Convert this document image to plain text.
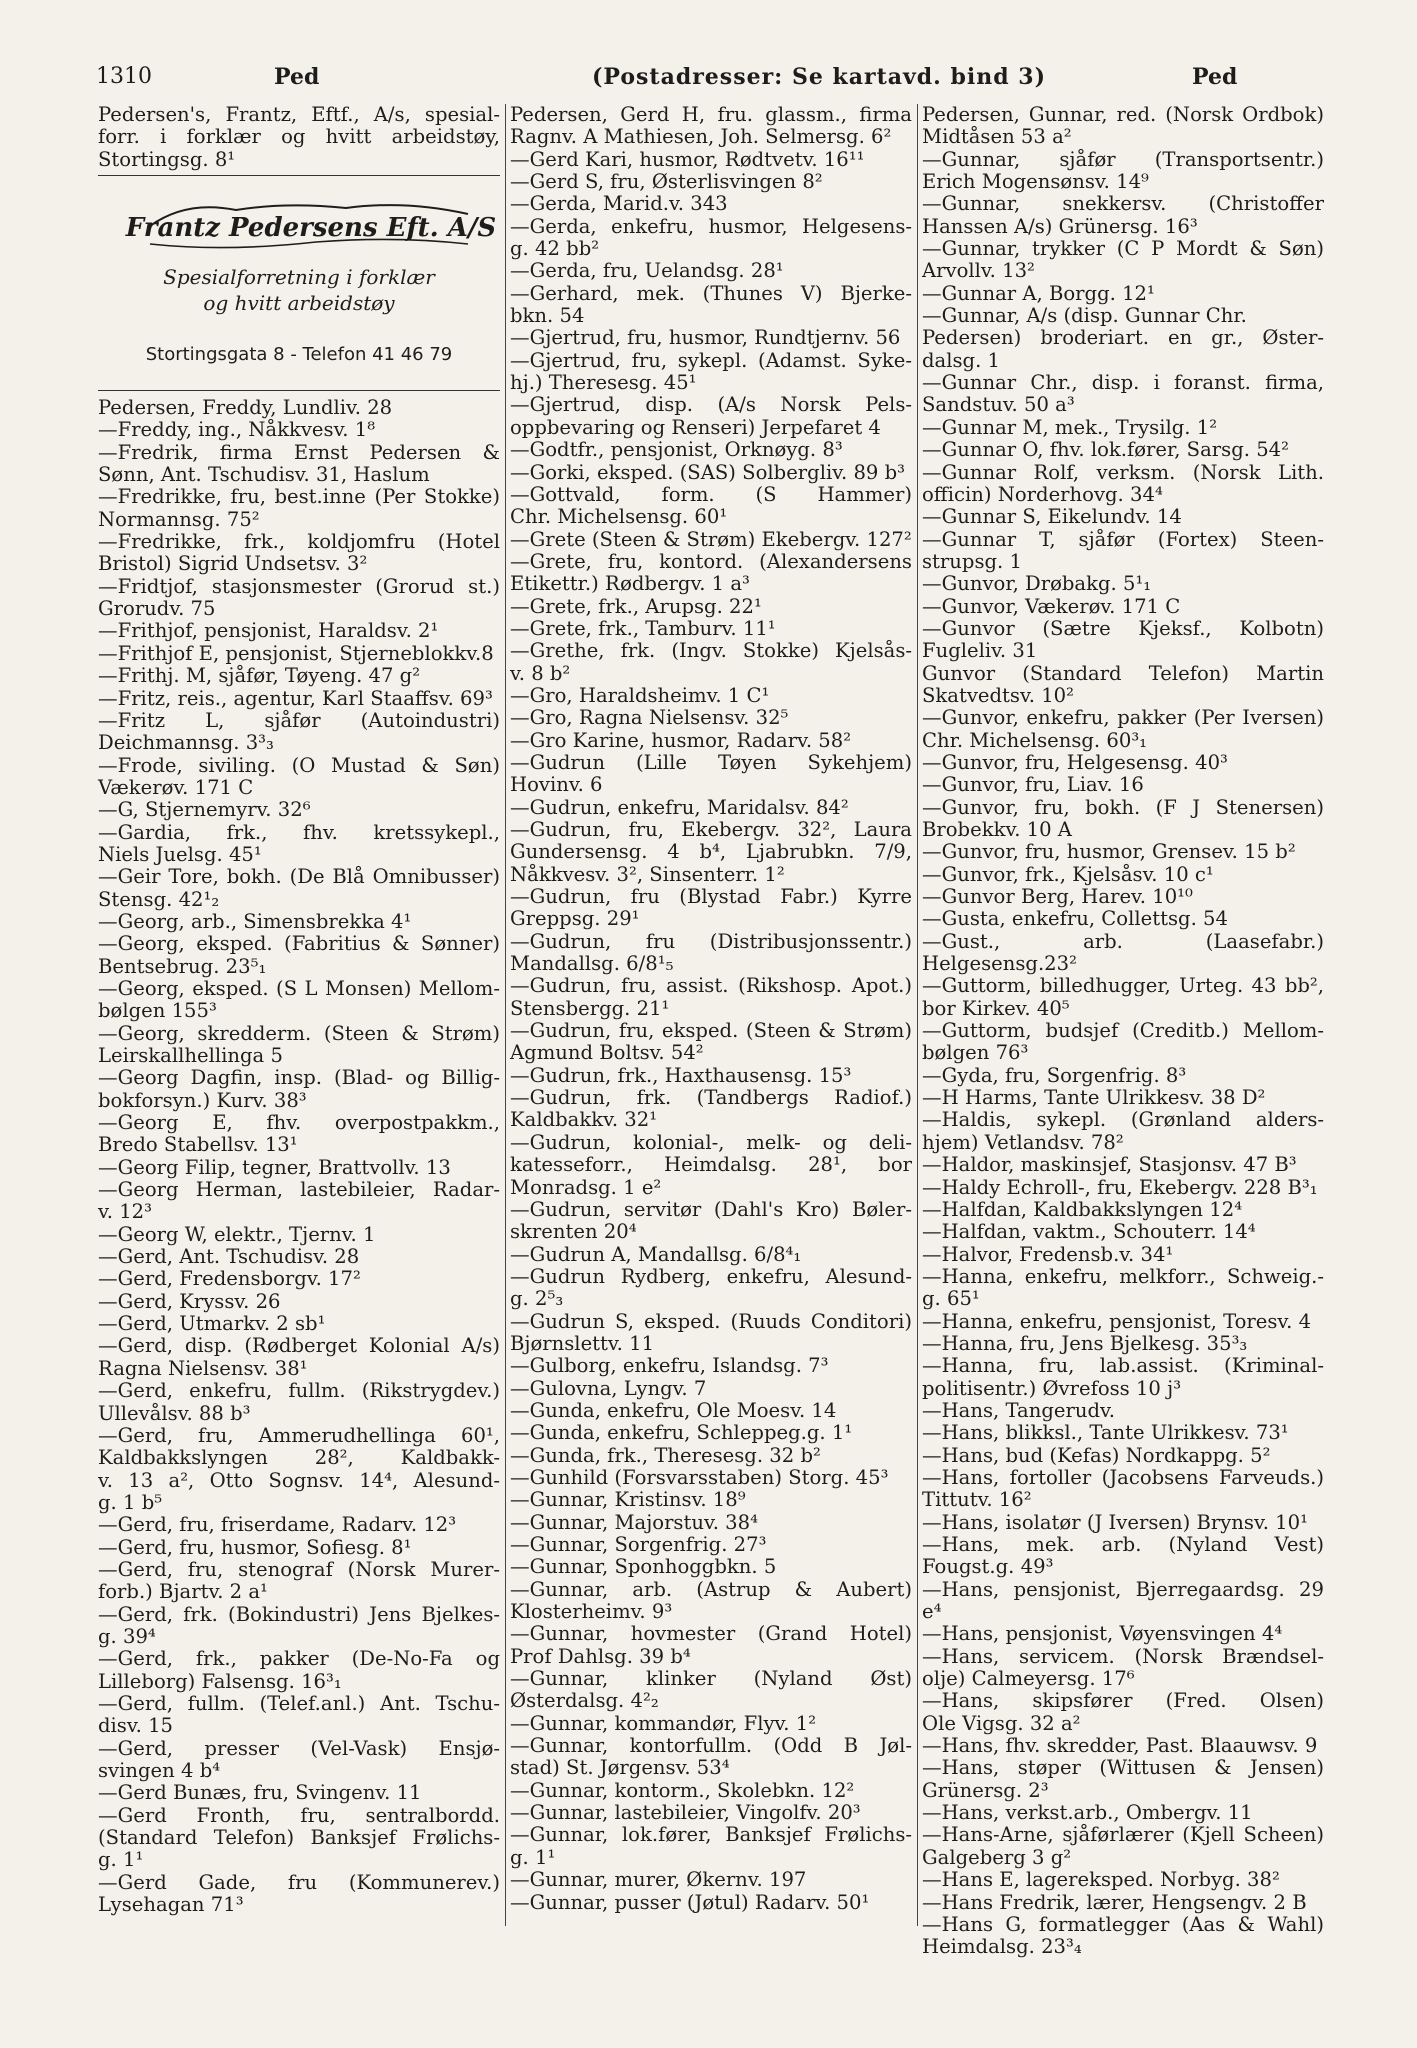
1310	Ped	(Postadresser: Se kartavd. bind 3)	Ped
Pedersen's, Frantz, Eftf., A/s, spesial-
forr. i forklær og hvitt arbeidstøy,
Stortingsg. 8¹
Frantz Pedersens Eft. A/S
Spesialforretning i forklær
og hvitt arbeidstøy
Stortingsgata 8 - Telefon 41 46 79
Pedersen, Freddy, Lundliv. 28
—Freddy, ing., Nåkkvesv. 1⁸
—Fredrik, firma Ernst Pedersen &
Sønn, Ant. Tschudisv. 31, Haslum
—Fredrikke, fru, best.inne (Per Stokke)
Normannsg. 75²
—Fredrikke, frk., koldjomfru (Hotel
Bristol) Sigrid Undsetsv. 3²
—Fridtjof, stasjonsmester (Grorud st.)
Grorudv. 75
—Frithjof, pensjonist, Haraldsv. 2¹
—Frithjof E, pensjonist, Stjerneblokkv.8
—Frithj. M, sjåfør, Tøyeng. 47 g²
—Fritz, reis., agentur, Karl Staaffsv. 69³
—Fritz L, sjåfør (Autoindustri)
Deichmannsg. 3³₃
—Frode, siviling. (O Mustad & Søn)
Vækerøv. 171 C
—G, Stjernemyrv. 32⁶
—Gardia, frk., fhv. kretssykepl.,
Niels Juelsg. 45¹
—Geir Tore, bokh. (De Blå Omnibusser)
Stensg. 42¹₂
—Georg, arb., Simensbrekka 4¹
—Georg, eksped. (Fabritius & Sønner)
Bentsebrug. 23⁵₁
—Georg, eksped. (S L Monsen) Mellom-
bølgen 155³
—Georg, skredderm. (Steen & Strøm)
Leirskallhellinga 5
—Georg Dagfin, insp. (Blad- og Billig-
bokforsyn.) Kurv. 38³
—Georg E, fhv. overpostpakkm.,
Bredo Stabellsv. 13¹
—Georg Filip, tegner, Brattvollv. 13
—Georg Herman, lastebileier, Radar-
v. 12³
—Georg W, elektr., Tjernv. 1
—Gerd, Ant. Tschudisv. 28
—Gerd, Fredensborgv. 17²
—Gerd, Kryssv. 26
—Gerd, Utmarkv. 2 sb¹
—Gerd, disp. (Rødberget Kolonial A/s)
Ragna Nielsensv. 38¹
—Gerd, enkefru, fullm. (Rikstrygdev.)
Ullevålsv. 88 b³
—Gerd, fru, Ammerudhellinga 60¹,
Kaldbakkslyngen 28², Kaldbakk-
v. 13 a², Otto Sognsv. 14⁴, Alesund-
g. 1 b⁵
—Gerd, fru, friserdame, Radarv. 12³
—Gerd, fru, husmor, Sofiesg. 8¹
—Gerd, fru, stenograf (Norsk Murer-
forb.) Bjartv. 2 a¹
—Gerd, frk. (Bokindustri) Jens Bjelkes-
g. 39⁴
—Gerd, frk., pakker (De-No-Fa og
Lilleborg) Falsensg. 16³₁
—Gerd, fullm. (Telef.anl.) Ant. Tschu-
disv. 15
—Gerd, presser (Vel-Vask) Ensjø-
svingen 4 b⁴
—Gerd Bunæs, fru, Svingenv. 11
—Gerd Fronth, fru, sentralbordd.
(Standard Telefon) Banksjef Frølichs-
g. 1¹
—Gerd Gade, fru (Kommunerev.)
Lysehagan 71³
Pedersen, Gerd H, fru. glassm., firma
Ragnv. A Mathiesen, Joh. Selmersg. 6²
—Gerd Kari, husmor, Rødtvetv. 16¹¹
—Gerd S, fru, Østerlisvingen 8²
—Gerda, Marid.v. 343
—Gerda, enkefru, husmor, Helgesens-
g. 42 bb²
—Gerda, fru, Uelandsg. 28¹
—Gerhard, mek. (Thunes V) Bjerke-
bkn. 54
—Gjertrud, fru, husmor, Rundtjernv. 56
—Gjertrud, fru, sykepl. (Adamst. Syke-
hj.) Theresesg. 45¹
—Gjertrud, disp. (A/s Norsk Pels-
oppbevaring og Renseri) Jerpefaret 4
—Godtfr., pensjonist, Orknøyg. 8³
—Gorki, eksped. (SAS) Solbergliv. 89 b³
—Gottvald, form. (S Hammer)
Chr. Michelsensg. 60¹
—Grete (Steen & Strøm) Ekebergv. 127²
—Grete, fru, kontord. (Alexandersens
Etikettr.) Rødbergv. 1 a³
—Grete, frk., Arupsg. 22¹
—Grete, frk., Tamburv. 11¹
—Grethe, frk. (Ingv. Stokke) Kjelsås-
v. 8 b²
—Gro, Haraldsheimv. 1 C¹
—Gro, Ragna Nielsensv. 32⁵
—Gro Karine, husmor, Radarv. 58²
—Gudrun (Lille Tøyen Sykehjem)
Hovinv. 6
—Gudrun, enkefru, Maridalsv. 84²
—Gudrun, fru, Ekebergv. 32², Laura
Gundersensg. 4 b⁴, Ljabrubkn. 7/9,
Nåkkvesv. 3², Sinsenterr. 1²
—Gudrun, fru (Blystad Fabr.) Kyrre
Greppsg. 29¹
—Gudrun, fru (Distribusjonssentr.)
Mandallsg. 6/8¹₅
—Gudrun, fru, assist. (Rikshosp. Apot.)
Stensbergg. 21¹
—Gudrun, fru, eksped. (Steen & Strøm)
Agmund Boltsv. 54²
—Gudrun, frk., Haxthausensg. 15³
—Gudrun, frk. (Tandbergs Radiof.)
Kaldbakkv. 32¹
—Gudrun, kolonial-, melk- og deli-
katesseforr., Heimdalsg. 28¹, bor
Monradsg. 1 e²
—Gudrun, servitør (Dahl's Kro) Bøler-
skrenten 20⁴
—Gudrun A, Mandallsg. 6/8⁴₁
—Gudrun Rydberg, enkefru, Alesund-
g. 2⁵₃
—Gudrun S, eksped. (Ruuds Conditori)
Bjørnslettv. 11
—Gulborg, enkefru, Islandsg. 7³
—Gulovna, Lyngv. 7
—Gunda, enkefru, Ole Moesv. 14
—Gunda, enkefru, Schleppeg.g. 1¹
—Gunda, frk., Theresesg. 32 b²
—Gunhild (Forsvarsstaben) Storg. 45³
—Gunnar, Kristinsv. 18⁹
—Gunnar, Majorstuv. 38⁴
—Gunnar, Sorgenfrig. 27³
—Gunnar, Sponhoggbkn. 5
—Gunnar, arb. (Astrup & Aubert)
Klosterheimv. 9³
—Gunnar, hovmester (Grand Hotel)
Prof Dahlsg. 39 b⁴
—Gunnar, klinker (Nyland Øst)
Østerdalsg. 4²₂
—Gunnar, kommandør, Flyv. 1²
—Gunnar, kontorfullm. (Odd B Jøl-
stad) St. Jørgensv. 53⁴
—Gunnar, kontorm., Skolebkn. 12²
—Gunnar, lastebileier, Vingolfv. 20³
—Gunnar, lok.fører, Banksjef Frølichs-
g. 1¹
—Gunnar, murer, Økernv. 197
—Gunnar, pusser (Jøtul) Radarv. 50¹
Pedersen, Gunnar, red. (Norsk Ordbok)
Midtåsen 53 a²
—Gunnar, sjåfør (Transportsentr.)
Erich Mogensønsv. 14⁹
—Gunnar, snekkersv. (Christoffer
Hanssen A/s) Grünersg. 16³
—Gunnar, trykker (C P Mordt & Søn)
Arvollv. 13²
—Gunnar A, Borgg. 12¹
—Gunnar, A/s (disp. Gunnar Chr.
Pedersen) broderiart. en gr., Øster-
dalsg. 1
—Gunnar Chr., disp. i foranst. firma,
Sandstuv. 50 a³
—Gunnar M, mek., Trysilg. 1²
—Gunnar O, fhv. lok.fører, Sarsg. 54²
—Gunnar Rolf, verksm. (Norsk Lith.
officin) Norderhovg. 34⁴
—Gunnar S, Eikelundv. 14
—Gunnar T, sjåfør (Fortex) Steen-
strupsg. 1
—Gunvor, Drøbakg. 5¹₁
—Gunvor, Vækerøv. 171 C
—Gunvor (Sætre Kjeksf., Kolbotn)
Fugleliv. 31
Gunvor (Standard Telefon) Martin
Skatvedtsv. 10²
—Gunvor, enkefru, pakker (Per Iversen)
Chr. Michelsensg. 60³₁
—Gunvor, fru, Helgesensg. 40³
—Gunvor, fru, Liav. 16
—Gunvor, fru, bokh. (F J Stenersen)
Brobekkv. 10 A
—Gunvor, fru, husmor, Grensev. 15 b²
—Gunvor, frk., Kjelsåsv. 10 c¹
—Gunvor Berg, Harev. 10¹⁰
—Gusta, enkefru, Collettsg. 54
—Gust., arb. (Laasefabr.) Helgesensg.23²
—Guttorm, billedhugger, Urteg. 43 bb²,
bor Kirkev. 40⁵
—Guttorm, budsjef (Creditb.) Mellom-
bølgen 76³
—Gyda, fru, Sorgenfrig. 8³
—H Harms, Tante Ulrikkesv. 38 D²
—Haldis, sykepl. (Grønland alders-
hjem) Vetlandsv. 78²
—Haldor, maskinsjef, Stasjonsv. 47 B³
—Haldy Echroll-, fru, Ekebergv. 228 B³₁
—Halfdan, Kaldbakkslyngen 12⁴
—Halfdan, vaktm., Schouterr. 14⁴
—Halvor, Fredensb.v. 34¹
—Hanna, enkefru, melkforr., Schweig.-
g. 65¹
—Hanna, enkefru, pensjonist, Toresv. 4
—Hanna, fru, Jens Bjelkesg. 35³₃
—Hanna, fru, lab.assist. (Kriminal-
politisentr.) Øvrefoss 10 j³
—Hans, Tangerudv.
—Hans, blikksl., Tante Ulrikkesv. 73¹
—Hans, bud (Kefas) Nordkappg. 5²
—Hans, fortoller (Jacobsens Farveuds.)
Tittutv. 16²
—Hans, isolatør (J Iversen) Brynsv. 10¹
—Hans, mek. arb. (Nyland Vest)
Fougst.g. 49³
—Hans, pensjonist, Bjerregaardsg. 29 e⁴
—Hans, pensjonist, Vøyensvingen 4⁴
—Hans, servicem. (Norsk Brændsel-
olje) Calmeyersg. 17⁶
—Hans, skipsfører (Fred. Olsen)
Ole Vigsg. 32 a²
—Hans, fhv. skredder, Past. Blaauwsv. 9
—Hans, støper (Wittusen & Jensen)
Grünersg. 2³
—Hans, verkst.arb., Ombergv. 11
—Hans-Arne, sjåførlærer (Kjell Scheen)
Galgeberg 3 g²
—Hans E, lagereksped. Norbyg. 38²
—Hans Fredrik, lærer, Hengsengv. 2 B
—Hans G, formatlegger (Aas & Wahl)
Heimdalsg. 23³₄
